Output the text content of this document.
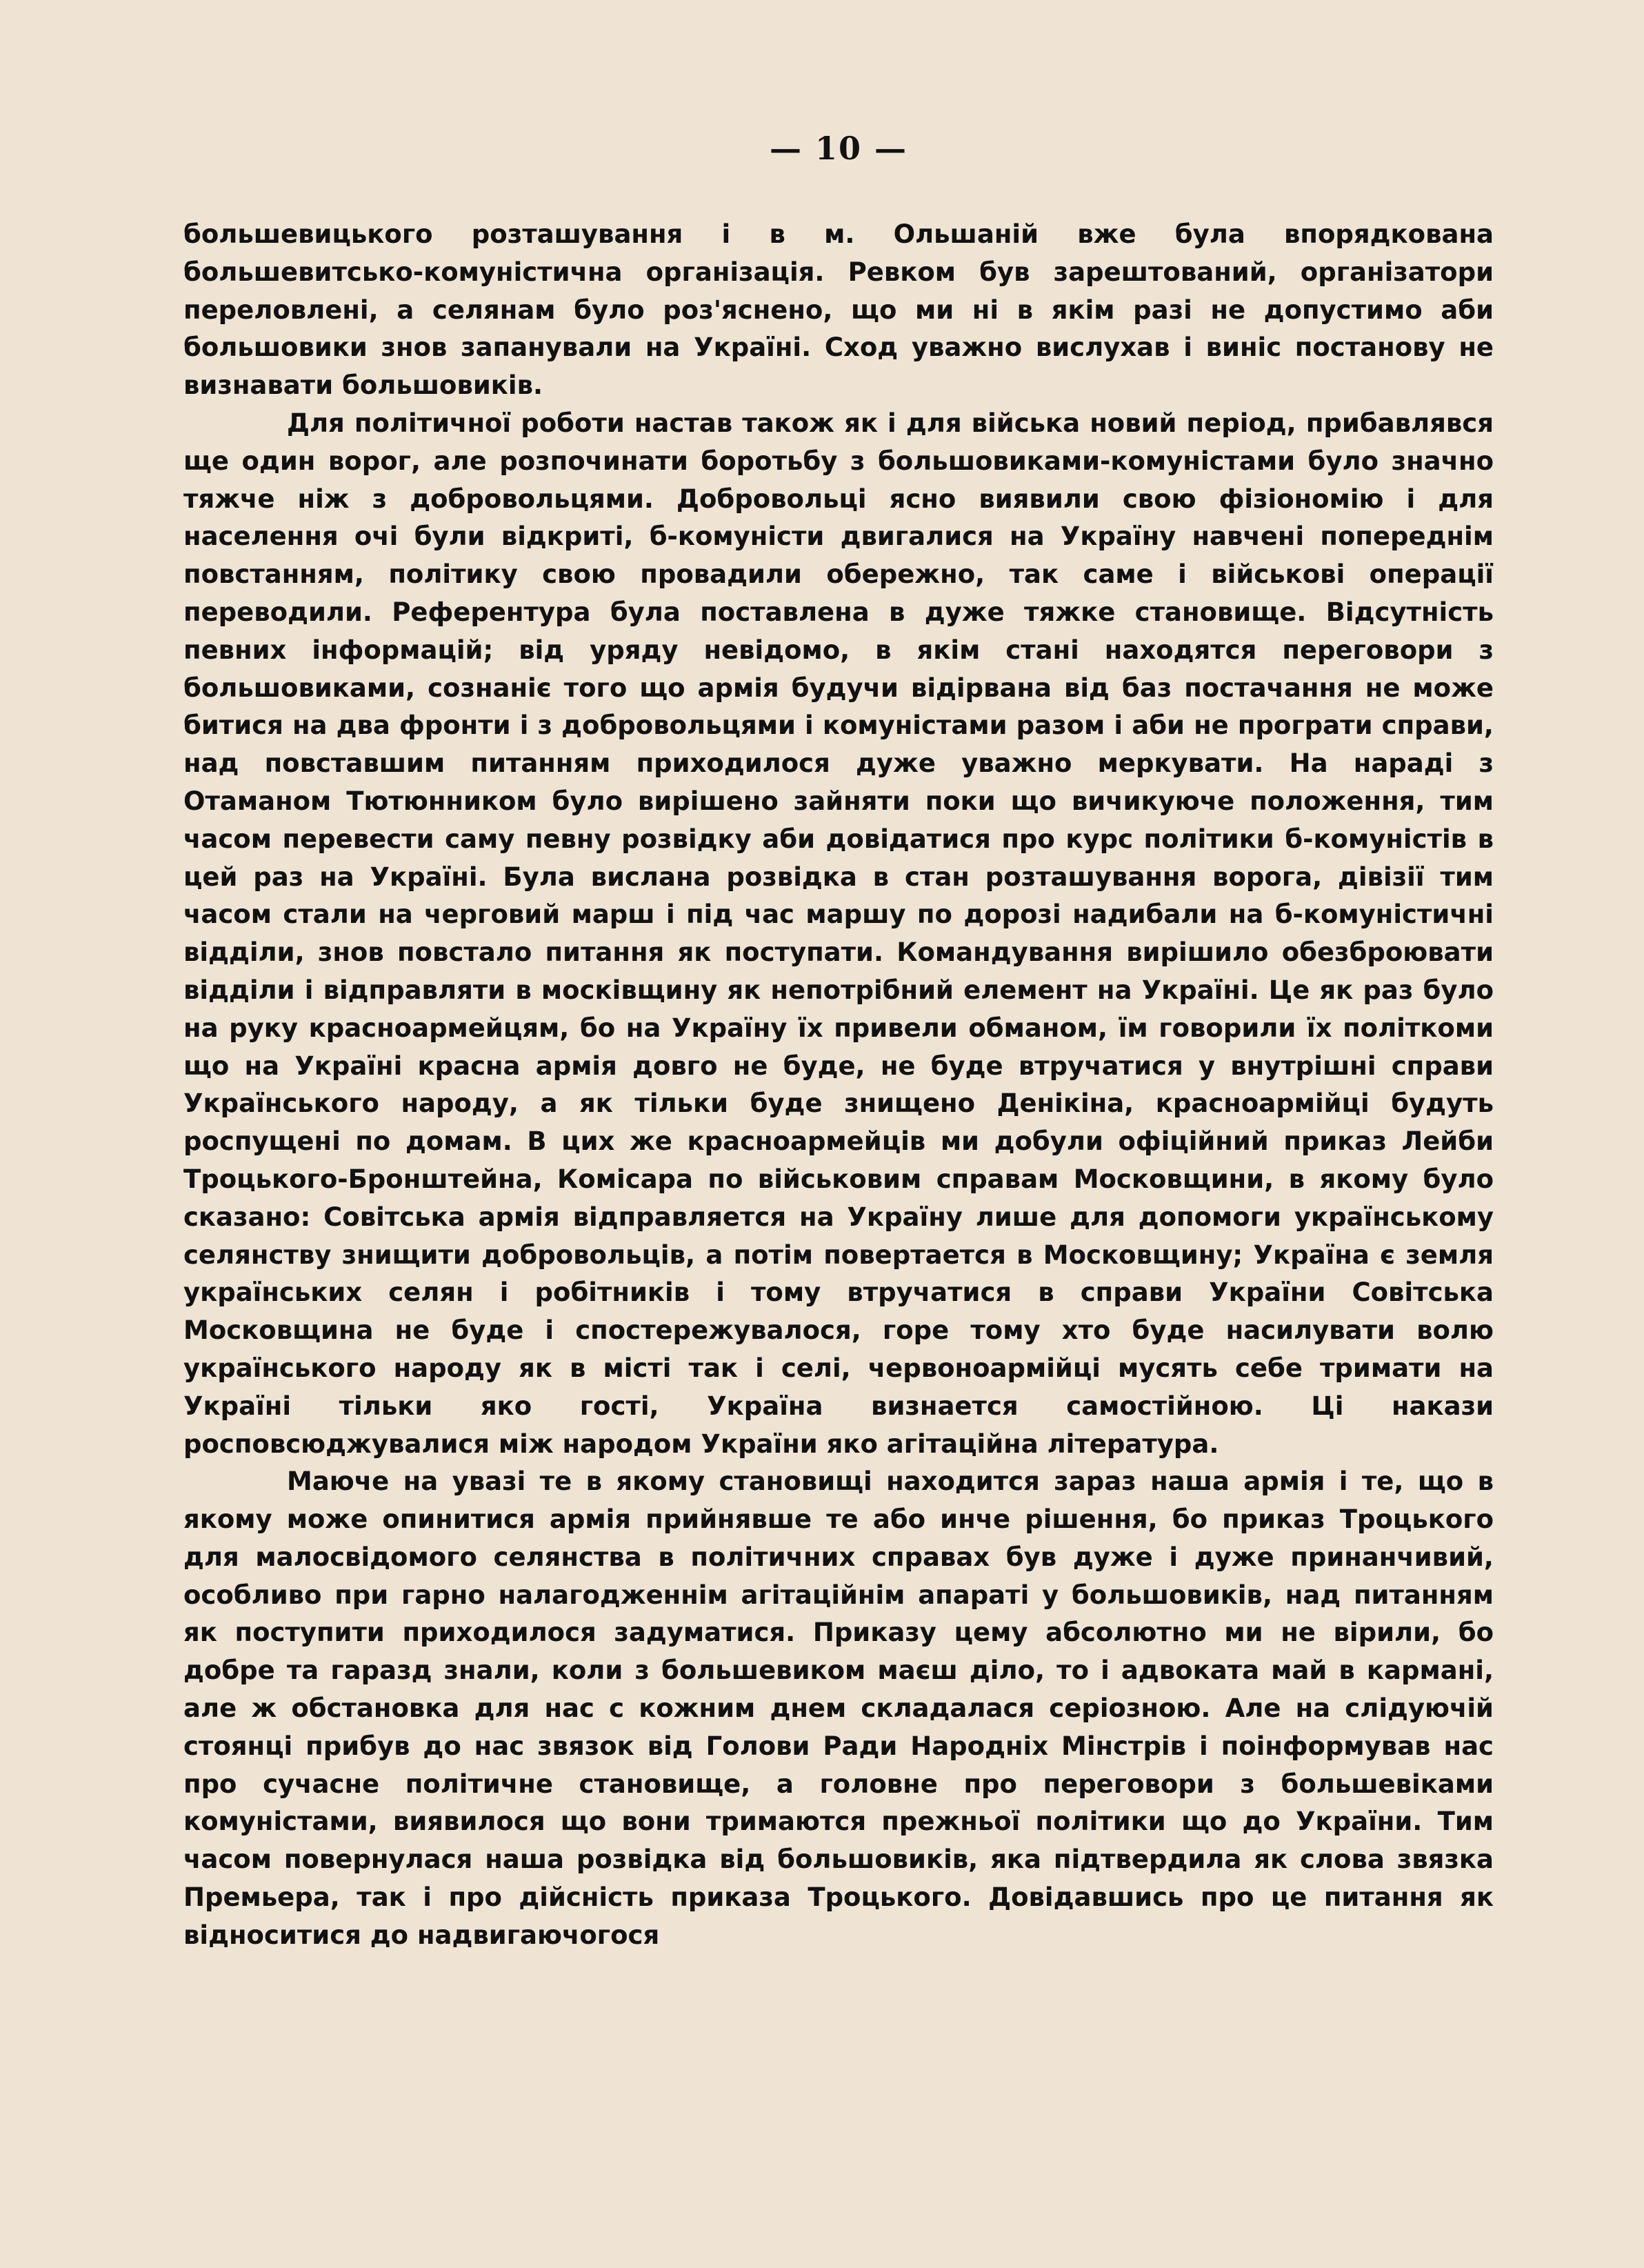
— 10 —

большевицького розташування і в м. Ольшаній вже була впорядкована большевитсько-комуністична організація. Ревком був зарештований, організатори переловлені, а селянам було роз'яснено, що ми ні в якім разі не допустимо аби большовики знов запанували на Україні. Сход уважно вислухав і виніс постанову не визнавати большовиків.

Для політичної роботи настав також як і для війська новий період, прибавлявся ще один ворог, але розпочинати боротьбу з большовиками-комуністами було значно тяжче ніж з добровольцями. Добровольці ясно виявили свою фізіономію і для населення очі були відкриті, б-комуністи двигалися на Україну навчені попереднім повстанням, політику свою провадили обережно, так саме і військові операції переводили. Референтура була поставлена в дуже тяжке становище. Відсутність певних інформацій; від уряду невідомо, в якім стані находятся переговори з большовиками, сознаніє того що армія будучи відірвана від баз постачання не може битися на два фронти і з добровольцями і комуністами разом і аби не програти справи, над повставшим питанням приходилося дуже уважно меркувати. На нараді з Отаманом Тютюнником було вирішено зайняти поки що вичикуюче положення, тим часом перевести саму певну розвідку аби довідатися про курс політики б-комуністів в цей раз на Україні. Була вислана розвідка в стан розташування ворога, дівізії тим часом стали на черговий марш і під час маршу по дорозі надибали на б-комуністичні відділи, знов повстало питання як поступати. Командування вирішило обезброювати відділи і відправляти в москівщину як непотрібний елемент на Україні. Це як раз було на руку красноармейцям, бо на Україну їх привели обманом, їм говорили їх політкоми що на Україні красна армія довго не буде, не буде втручатися у внутрішні справи Українського народу, а як тільки буде знищено Денікіна, красноармійці будуть роспущені по домам. В цих же красноармейців ми добули офіційний приказ Лейби Троцького-Бронштейна, Комісара по військовим справам Московщини, в якому було сказано: Совітська армія відправляется на Україну лише для допомоги українському селянству знищити добровольців, а потім повертается в Московщину; Україна є земля українських селян і робітників і тому втручатися в справи України Совітська Московщина не буде і спостережувалося, горе тому хто буде насилувати волю українського народу як в місті так і селі, червоноармійці мусять себе тримати на Україні тільки яко гості, Україна визнается самостійною. Ці накази росповсюджувалися між народом України яко агітаційна література.

Маюче на увазі те в якому становищі находится зараз наша армія і те, що в якому може опинитися армія прийнявше те або инче рішення, бо приказ Троцького для малосвідомого селянства в політичних справах був дуже і дуже принанчивий, особливо при гарно налагодженнім агітаційнім апараті у большовиків, над питанням як поступити приходилося задуматися. Приказу цему абсолютно ми не вірили, бо добре та гаразд знали, коли з большевиком маєш діло, то і адвоката май в кармані, але ж обстановка для нас с кожним днем складалася серіозною. Але на слідуючій стоянці прибув до нас звязок від Голови Ради Народніх Мінстрів і поінформував нас про сучасне політичне становище, а головне про переговори з большевіками комуністами, виявилося що вони тримаются прежньої політики що до України. Тим часом повернулася наша розвідка від большовиків, яка підтвердила як слова звязка Премьера, так і про дійсність приказа Троцького. Довідавшись про це питання як відноситися до надвигаючогося
